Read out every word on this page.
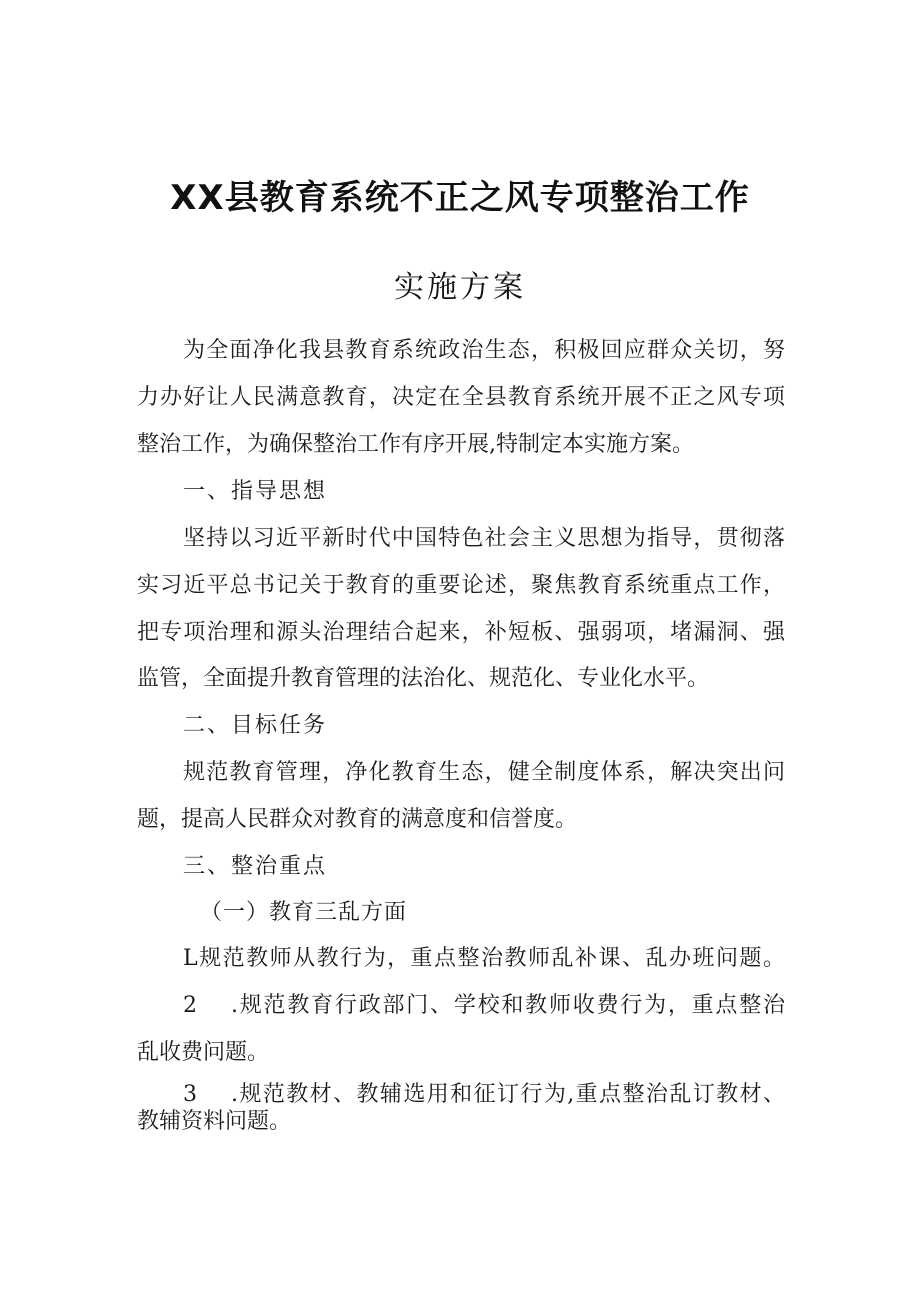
XX县教育系统不正之风专项整治工作
实施方案

为全面净化我县教育系统政治生态，积极回应群众关切，努

力办好让人民满意教育，决定在全县教育系统开展不正之风专项

整治工作，为确保整治工作有序开展,特制定本实施方案。

一、指导思想

坚持以习近平新时代中国特色社会主义思想为指导，贯彻落

实习近平总书记关于教育的重要论述，聚焦教育系统重点工作，

把专项治理和源头治理结合起来，补短板、强弱项，堵漏洞、强

监管，全面提升教育管理的法治化、规范化、专业化水平。

二、目标任务

规范教育管理，净化教育生态，健全制度体系，解决突出问

题，提高人民群众对教育的满意度和信誉度。

三、整治重点

（一）教育三乱方面

L规范教师从教行为，重点整治教师乱补课、乱办班问题。

2 .规范教育行政部门、学校和教师收费行为，重点整治

乱收费问题。

3 .规范教材、教辅选用和征订行为,重点整治乱订教材、

教辅资料问题。
